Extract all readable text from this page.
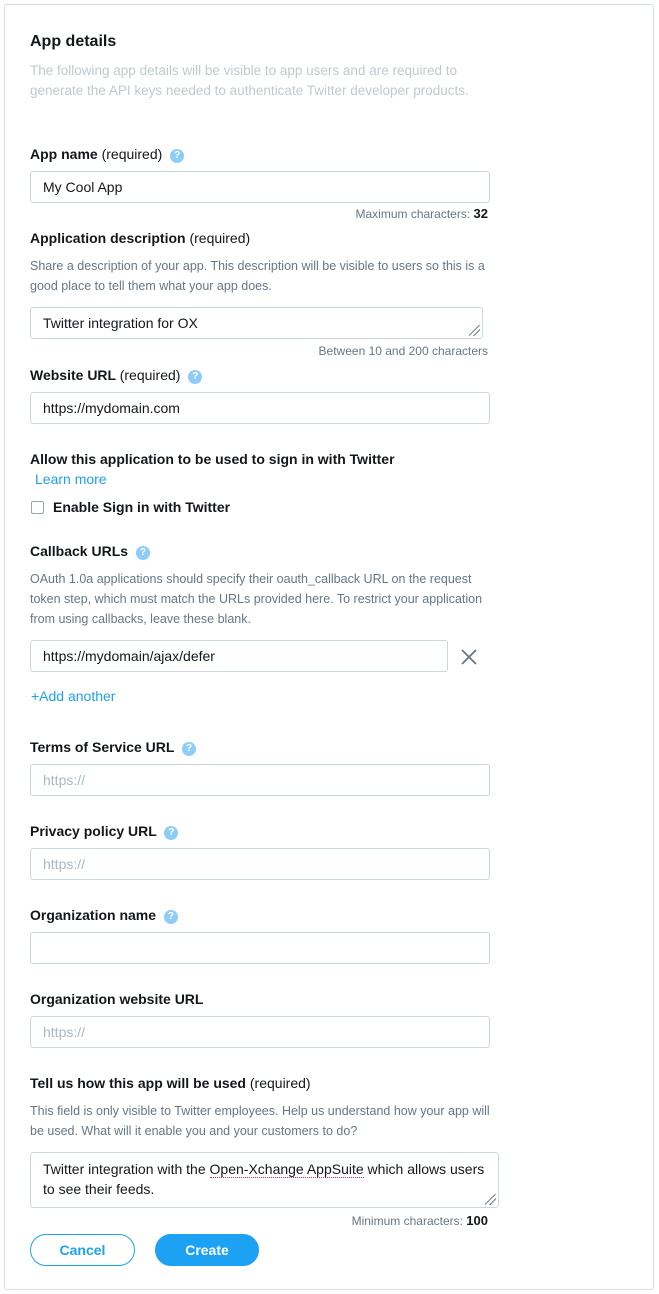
App details
The following app details will be visible to app users and are required to generate the API keys needed to authenticate Twitter developer products.
App name (required) ?
My Cool App
Maximum characters: 32
Application description (required)
Share a description of your app. This description will be visible to users so this is a good place to tell them what your app does.
Twitter integration for OX
Between 10 and 200 characters
Website URL (required) ?
https://mydomain.com
Allow this application to be used to sign in with Twitter
Learn more
Enable Sign in with Twitter
Callback URLs ?
OAuth 1.0a applications should specify their oauth_callback URL on the request token step, which must match the URLs provided here. To restrict your application from using callbacks, leave these blank.
https://mydomain/ajax/defer
+Add another
Terms of Service URL ?
https://
Privacy policy URL ?
https://
Organization name ?
Organization website URL
https://
Tell us how this app will be used (required)
This field is only visible to Twitter employees. Help us understand how your app will be used. What will it enable you and your customers to do?
Twitter integration with the Open-Xchange AppSuite which allows users to see their feeds.
Minimum characters: 100
Cancel	Create
